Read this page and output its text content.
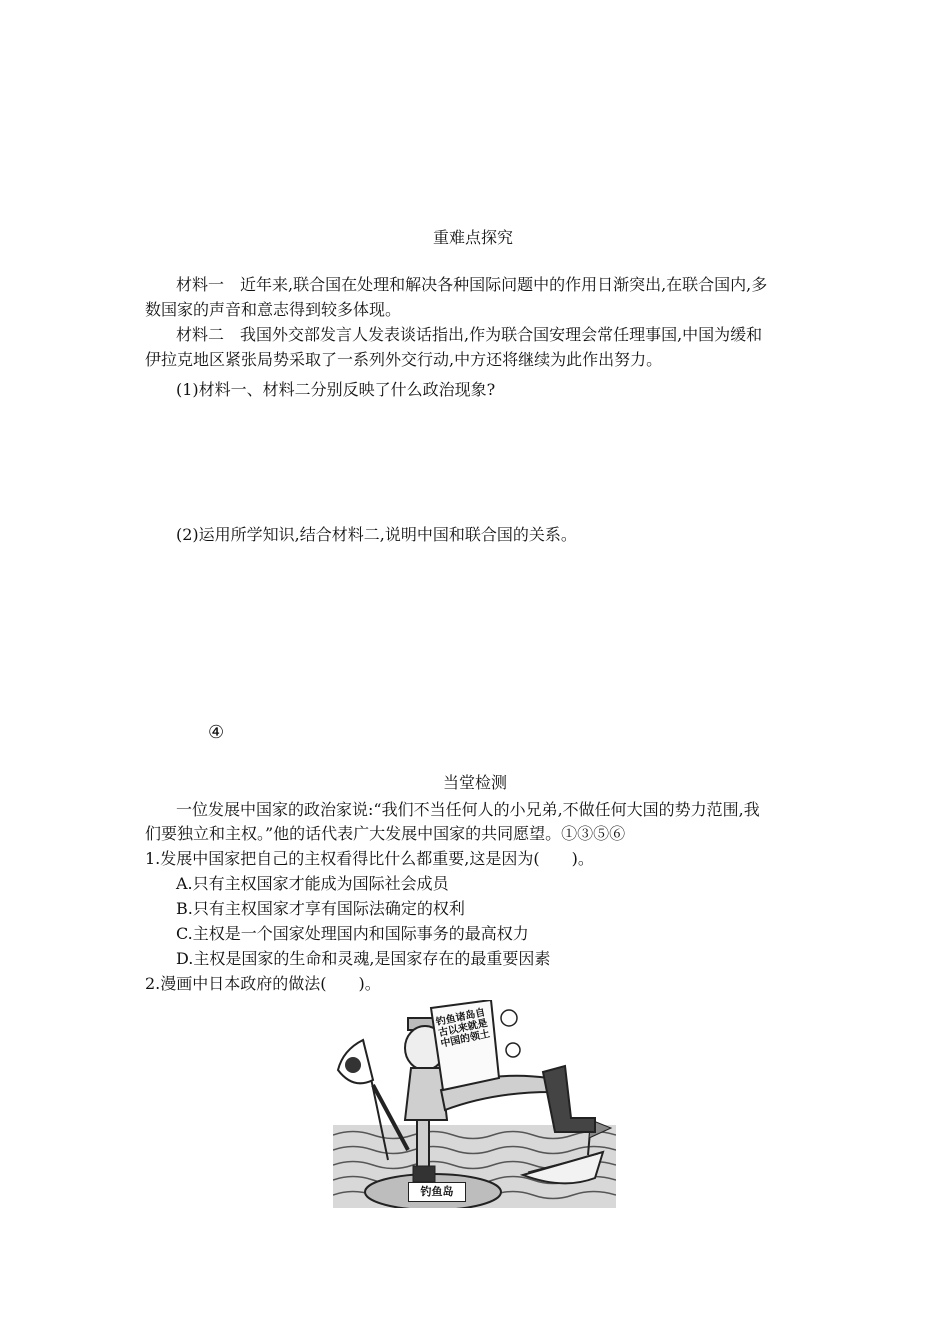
重难点探究
材料一　近年来,联合国在处理和解决各种国际问题中的作用日渐突出,在联合国内,多
数国家的声音和意志得到较多体现。
材料二　我国外交部发言人发表谈话指出,作为联合国安理会常任理事国,中国为缓和
伊拉克地区紧张局势采取了一系列外交行动,中方还将继续为此作出努力。
(1)材料一、材料二分别反映了什么政治现象?
(2)运用所学知识,结合材料二,说明中国和联合国的关系。
④
当堂检测
一位发展中国家的政治家说:“我们不当任何人的小兄弟,不做任何大国的势力范围,我
们要独立和主权。”他的话代表广大发展中国家的共同愿望。①③⑤⑥
1.发展中国家把自己的主权看得比什么都重要,这是因为(　　)。
A.只有主权国家才能成为国际社会成员
B.只有主权国家才享有国际法确定的权利
C.主权是一个国家处理国内和国际事务的最高权力
D.主权是国家的生命和灵魂,是国家存在的最重要因素
2.漫画中日本政府的做法(　　)。
钓鱼诸岛自古以来就是中国的领土
钓鱼岛
